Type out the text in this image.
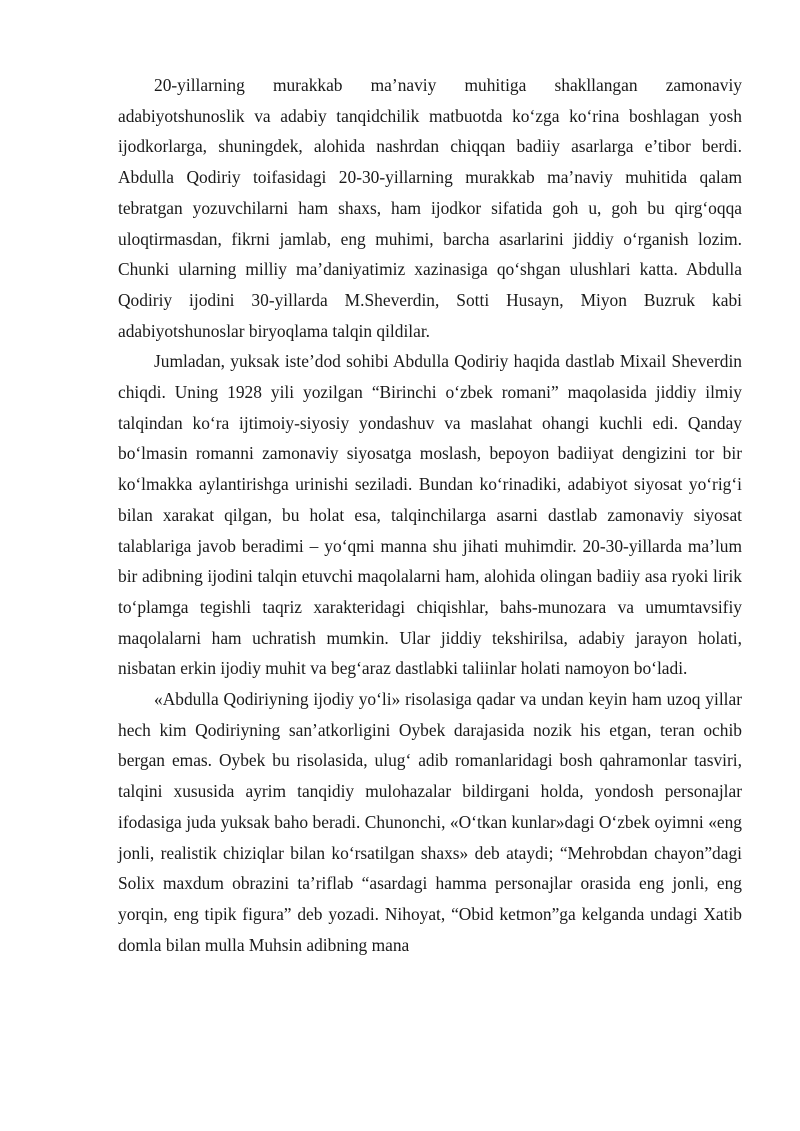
20-yillarning murakkab ma’naviy muhitiga shakllangan zamonaviy adabiyotshunoslik va adabiy tanqidchilik matbuotda ko‘zga ko‘rina boshlagan yosh ijodkorlarga, shuningdek, alohida nashrdan chiqqan badiiy asarlarga e’tibor berdi. Abdulla Qodiriy toifasidagi 20-30-yillarning murakkab ma’naviy muhitida qalam tebratgan yozuvchilarni ham shaxs, ham ijodkor sifatida goh u, goh bu qirg‘oqqa uloqtirmasdan, fikrni jamlab, eng muhimi, barcha asarlarini jiddiy o‘rganish lozim. Chunki ularning milliy ma’daniyatimiz xazinasiga qo‘shgan ulushlari katta. Abdulla Qodiriy ijodini 30-yillarda M.Sheverdin, Sotti Husayn, Miyon Buzruk kabi adabiyotshunoslar biryoqlama talqin qildilar.

Jumladan, yuksak iste’dod sohibi Abdulla Qodiriy haqida dastlab Mixail Sheverdin chiqdi. Uning 1928 yili yozilgan “Birinchi o‘zbek romani” maqolasida jiddiy ilmiy talqindan ko‘ra ijtimoiy-siyosiy yondashuv va maslahat ohangi kuchli edi. Qanday bo‘lmasin romanni zamonaviy siyosatga moslash, bepoyon badiiyat dengizini tor bir ko‘lmakka aylantirishga urinishi seziladi. Bundan ko‘rinadiki, adabiyot siyosat yo‘rig‘i bilan xarakat qilgan, bu holat esa, talqinchilarga asarni dastlab zamonaviy siyosat talablariga javob beradimi – yo‘qmi manna shu jihati muhimdir. 20-30-yillarda ma’lum bir adibning ijodini talqin etuvchi maqolalarni ham, alohida olingan badiiy asa ryoki lirik to‘plamga tegishli taqriz xarakteridagi chiqishlar, bahs-munozara va umumtavsifiy maqolalarni ham uchratish mumkin. Ular jiddiy tekshirilsa, adabiy jarayon holati, nisbatan erkin ijodiy muhit va beg‘araz dastlabki taliinlar holati namoyon bo‘ladi.

«Abdulla Qodiriyning ijodiy yo‘li» risolasiga qadar va undan keyin ham uzoq yillar hech kim Qodiriyning san’atkorligini Oybek darajasida nozik his etgan, teran ochib bergan emas. Oybek bu risolasida, ulug‘ adib romanlaridagi bosh qahramonlar tasviri, talqini xususida ayrim tanqidiy mulohazalar bildirgani holda, yondosh personajlar ifodasiga juda yuksak baho beradi. Chunonchi, «O‘tkan kunlar»dagi O‘zbek oyimni «eng jonli, realistik chiziqlar bilan ko‘rsatilgan shaxs» deb ataydi; “Mehrobdan chayon”dagi Solix maxdum obrazini ta’riflab “asardagi hamma personajlar orasida eng jonli, eng yorqin, eng tipik figura” deb yozadi. Nihoyat, “Obid ketmon”ga kelganda undagi Xatib domla bilan mulla Muhsin adibning mana
